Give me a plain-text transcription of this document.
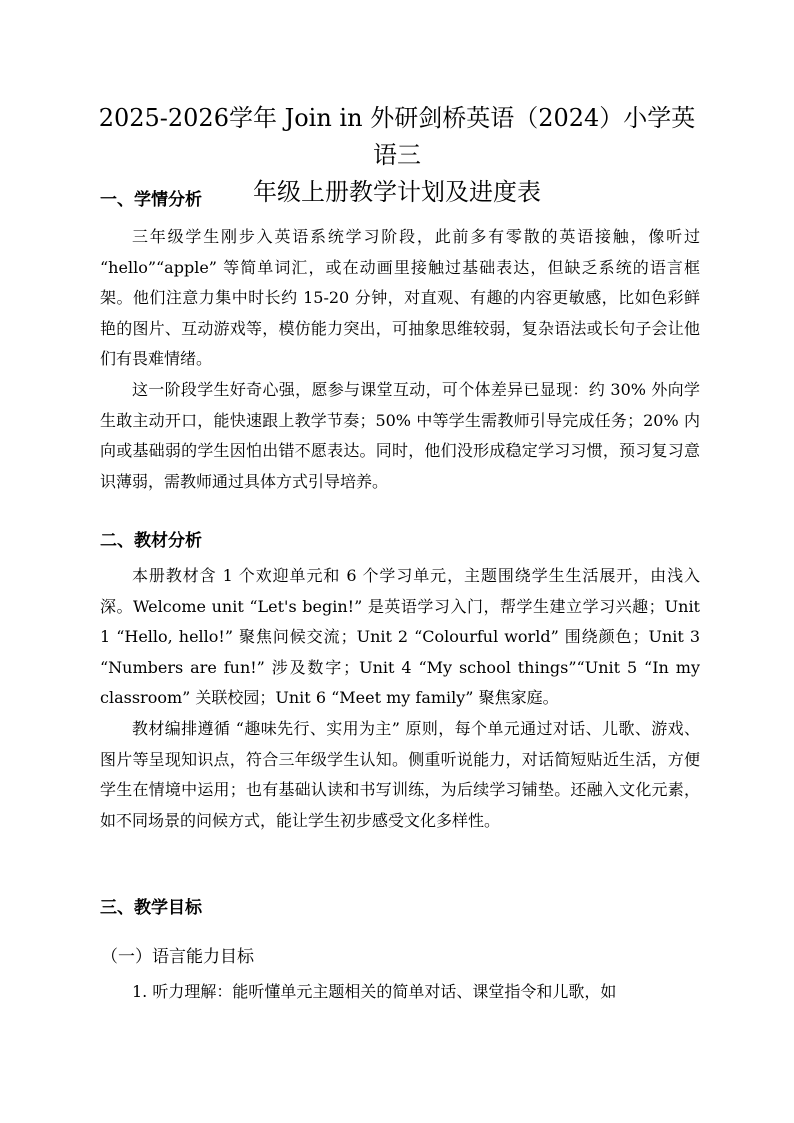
2025-2026学年 Join in 外研剑桥英语（2024）小学英语三
年级上册教学计划及进度表
一、学情分析

三年级学生刚步入英语系统学习阶段，此前多有零散的英语接触，像听过 “hello”“apple” 等简单词汇，或在动画里接触过基础表达，但缺乏系统的语言框架。他们注意力集中时长约 15-20 分钟，对直观、有趣的内容更敏感，比如色彩鲜艳的图片、互动游戏等，模仿能力突出，可抽象思维较弱，复杂语法或长句子会让他们有畏难情绪。

这一阶段学生好奇心强，愿参与课堂互动，可个体差异已显现：约 30% 外向学生敢主动开口，能快速跟上教学节奏；50% 中等学生需教师引导完成任务；20% 内向或基础弱的学生因怕出错不愿表达。同时，他们没形成稳定学习习惯，预习复习意识薄弱，需教师通过具体方式引导培养。

二、教材分析

本册教材含 1 个欢迎单元和 6 个学习单元，主题围绕学生生活展开，由浅入深。Welcome unit “Let's begin!” 是英语学习入门，帮学生建立学习兴趣；Unit 1 “Hello, hello!” 聚焦问候交流；Unit 2 “Colourful world” 围绕颜色；Unit 3 “Numbers are fun!” 涉及数字；Unit 4 “My school things”“Unit 5 “In my classroom” 关联校园；Unit 6 “Meet my family” 聚焦家庭。

教材编排遵循 “趣味先行、实用为主” 原则，每个单元通过对话、儿歌、游戏、图片等呈现知识点，符合三年级学生认知。侧重听说能力，对话简短贴近生活，方便学生在情境中运用；也有基础认读和书写训练，为后续学习铺垫。还融入文化元素，如不同场景的问候方式，能让学生初步感受文化多样性。

三、教学目标
（一）语言能力目标

1. 听力理解：能听懂单元主题相关的简单对话、课堂指令和儿歌，如
